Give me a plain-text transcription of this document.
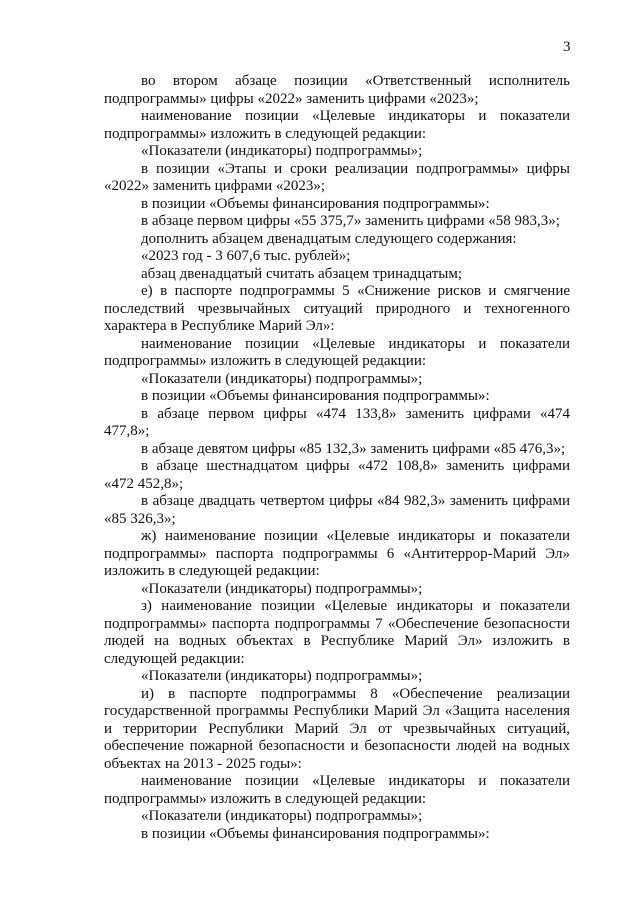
3

во втором абзаце позиции «Ответственный исполнитель подпрограммы» цифры «2022» заменить цифрами «2023»;

наименование позиции «Целевые индикаторы и показатели подпрограммы» изложить в следующей редакции:

«Показатели (индикаторы) подпрограммы»;

в позиции «Этапы и сроки реализации подпрограммы» цифры «2022» заменить цифрами «2023»;

в позиции «Объемы финансирования подпрограммы»:

в абзаце первом цифры «55 375,7» заменить цифрами «58 983,3»;

дополнить абзацем двенадцатым следующего содержания:

«2023 год - 3 607,6 тыс. рублей»;

абзац двенадцатый считать абзацем тринадцатым;

е) в паспорте подпрограммы 5 «Снижение рисков и смягчение последствий чрезвычайных ситуаций природного и техногенного характера в Республике Марий Эл»:

наименование позиции «Целевые индикаторы и показатели подпрограммы» изложить в следующей редакции:

«Показатели (индикаторы) подпрограммы»;

в позиции «Объемы финансирования подпрограммы»:

в абзаце первом цифры «474 133,8» заменить цифрами «474 477,8»;

в абзаце девятом цифры «85 132,3» заменить цифрами «85 476,3»;

в абзаце шестнадцатом цифры «472 108,8» заменить цифрами «472 452,8»;

в абзаце двадцать четвертом цифры «84 982,3» заменить цифрами «85 326,3»;

ж) наименование позиции «Целевые индикаторы и показатели подпрограммы» паспорта подпрограммы 6 «Антитеррор-Марий Эл» изложить в следующей редакции:

«Показатели (индикаторы) подпрограммы»;

з) наименование позиции «Целевые индикаторы и показатели подпрограммы» паспорта подпрограммы 7 «Обеспечение безопасности людей на водных объектах в Республике Марий Эл» изложить в следующей редакции:

«Показатели (индикаторы) подпрограммы»;

и) в паспорте подпрограммы 8 «Обеспечение реализации государственной программы Республики Марий Эл «Защита населения и территории Республики Марий Эл от чрезвычайных ситуаций, обеспечение пожарной безопасности и безопасности людей на водных объектах на 2013 - 2025 годы»:

наименование позиции «Целевые индикаторы и показатели подпрограммы» изложить в следующей редакции:

«Показатели (индикаторы) подпрограммы»;

в позиции «Объемы финансирования подпрограммы»:
